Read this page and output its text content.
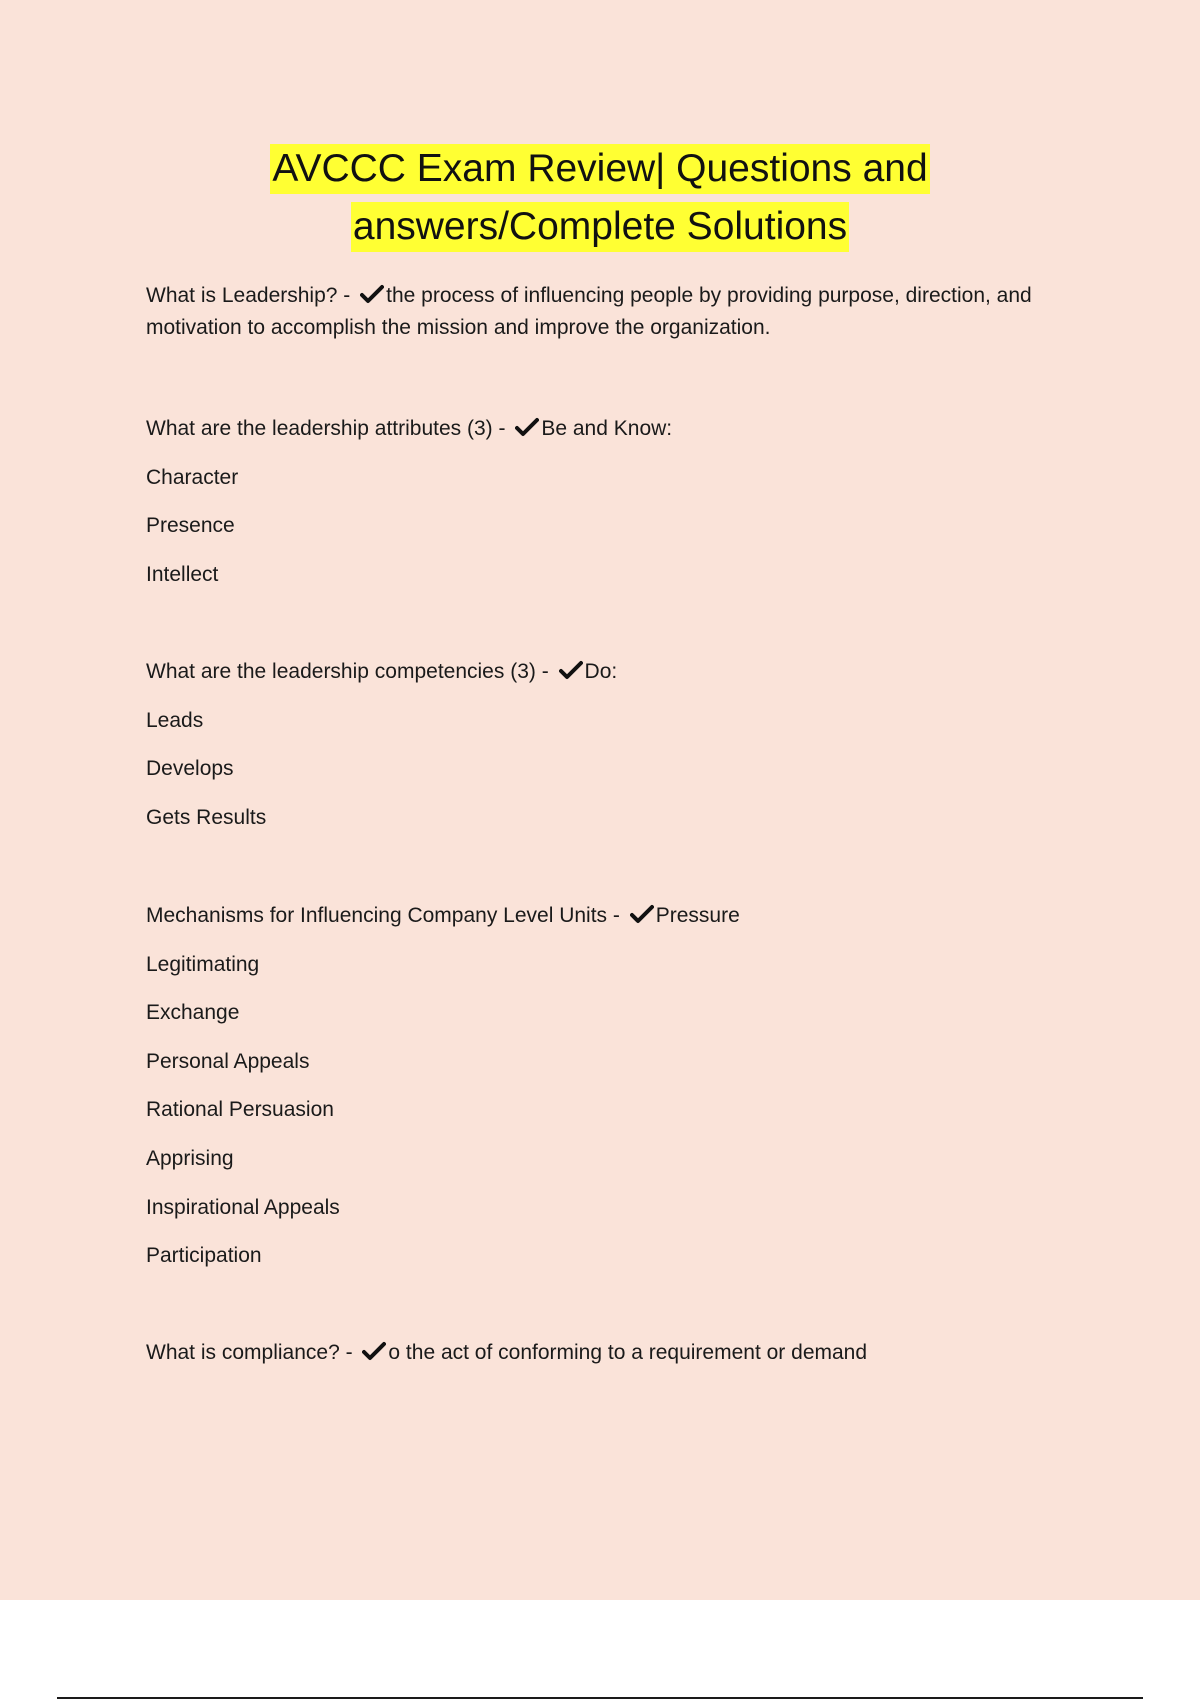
AVCCC Exam Review| Questions and
answers/Complete Solutions
What is Leadership? - the process of influencing people by providing purpose, direction, and
motivation to accomplish the mission and improve the organization.
What are the leadership attributes (3) - Be and Know:
Character
Presence
Intellect
What are the leadership competencies (3) - Do:
Leads
Develops
Gets Results
Mechanisms for Influencing Company Level Units - Pressure
Legitimating
Exchange
Personal Appeals
Rational Persuasion
Apprising
Inspirational Appeals
Participation
What is compliance? - o the act of conforming to a requirement or demand
